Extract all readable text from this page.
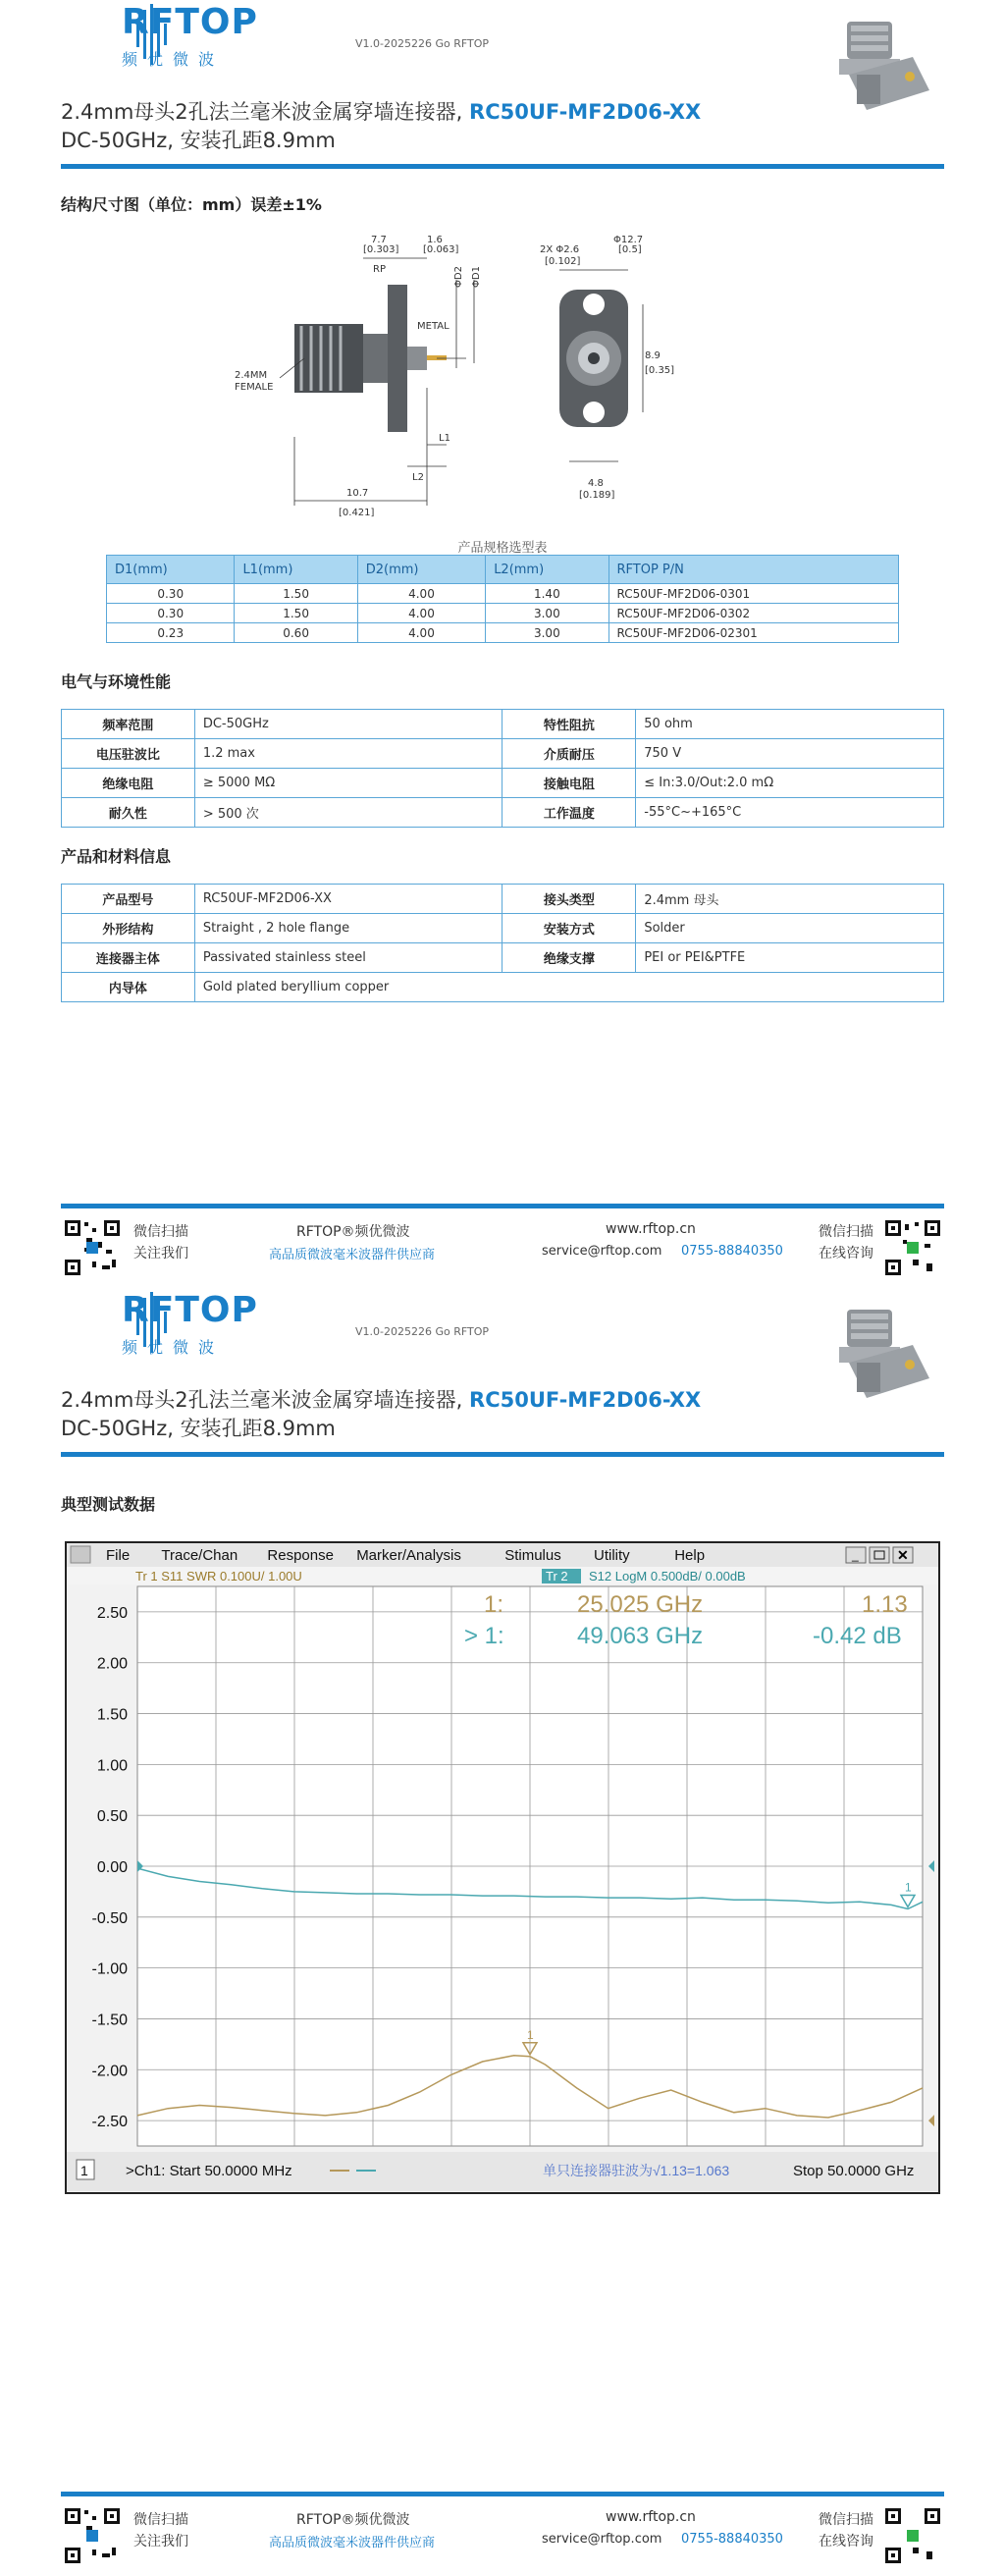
RFTOP
频优微波
V1.0-2025226 Go RFTOP
2.4mm母头2孔法兰毫米波金属穿墙连接器, RC50UF-MF2D06-XX
DC-50GHz, 安装孔距8.9mm
结构尺寸图（单位：mm）误差±1%
7.7
[0.303]
RP
1.6
[0.063]
ΦD2 ΦD1
METAL
2.4MM
FEMALE
L1
L2
10.7
[0.421]
2X Φ2.6
[0.102]
Φ12.7
[0.5]
8.9
[0.35]
4.8
[0.189]
产品规格选型表
D1(mm)	L1(mm)	D2(mm)	L2(mm)	RFTOP P/N
0.30	1.50	4.00	1.40	RC50UF-MF2D06-0301
0.30	1.50	4.00	3.00	RC50UF-MF2D06-0302
0.23	0.60	4.00	3.00	RC50UF-MF2D06-02301
电气与环境性能
频率范围	DC-50GHz	特性阻抗	50 ohm
电压驻波比	1.2 max	介质耐压	750 V
绝缘电阻	≥ 5000 MΩ	接触电阻	≤ In:3.0/Out:2.0 mΩ
耐久性	> 500 次	工作温度	-55°C~+165°C
产品和材料信息
产品型号	RC50UF-MF2D06-XX	接头类型	2.4mm 母头
外形结构	Straight , 2 hole flange	安装方式	Solder
连接器主体	Passivated stainless steel	绝缘支撑	PEI or PEI&PTFE
内导体	Gold plated beryllium copper		
微信扫描
关注我们
RFTOP®频优微波
高品质微波毫米波器件供应商
www.rftop.cn
service@rftop.com 0755-88840350
微信扫描
在线咨询
RFTOP
频优微波
V1.0-2025226 Go RFTOP
2.4mm母头2孔法兰毫米波金属穿墙连接器, RC50UF-MF2D06-XX
DC-50GHz, 安装孔距8.9mm
典型测试数据
微信扫描
关注我们
RFTOP®频优微波
高品质微波毫米波器件供应商
www.rftop.cn
service@rftop.com 0755-88840350
微信扫描
在线咨询
File Trace/Chan Response Marker/Analysis	Stimulus Utility	Help	_	✕
Tr 1 S11 SWR 0.100U/ 1.00U	Tr 2 S12 LogM 0.500dB/ 0.00dB
2.50
2.00
1.50
1.00
0.50
0.00
-0.50
-1.00
-1.50
-2.00
-2.50
1:	25.025 GHz	1.13
> 1:	49.063 GHz	-0.42 dB
1
1
1	>Ch1: Start 50.0000 MHz	单只连接器驻波为√1.13=1.063	Stop 50.0000 GHz
